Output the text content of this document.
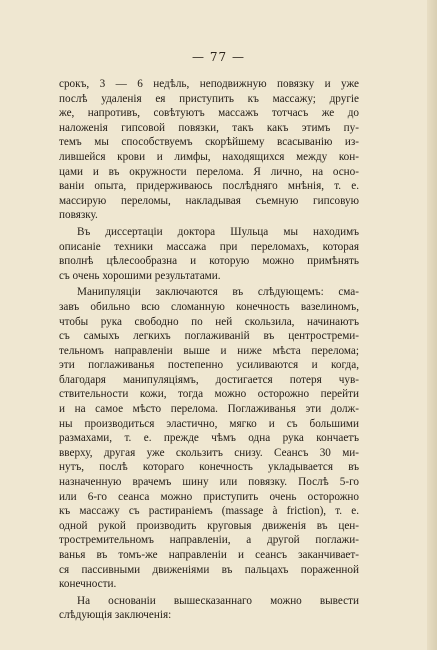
— 77 —
срокъ, 3 — 6 недѣль, неподвижную повязку и уже
послѣ удаленія ея приступить къ массажу; другіе
же, напротивъ, совѣтуютъ массажъ тотчасъ же до
наложенія гипсовой повязки, такъ какъ этимъ пу-
темъ мы способствуемъ скорѣйшему всасыванію из-
лившейся крови и лимфы, находящихся между кон-
цами и въ окружности перелома. Я лично, на осно-
ваніи опыта, придерживаюсь послѣдняго мнѣнія, т. е.
массирую переломы, накладывая съемную гипсовую
повязку.
Въ диссертаціи доктора Шульца мы находимъ
описаніе техники массажа при переломахъ, которая
вполнѣ цѣлесообразна и которую можно примѣнять
съ очень хорошими результатами.
Манипуляціи заключаются въ слѣдующемъ: сма-
завъ обильно всю сломанную конечность вазелиномъ,
чтобы рука свободно по ней скользила, начинаютъ
съ самыхъ легкихъ поглаживаній въ центростреми-
тельномъ направленіи выше и ниже мѣста перелома;
эти поглаживанья постепенно усиливаются и когда,
благодаря манипуляціямъ, достигается потеря чув-
ствительности кожи, тогда можно осторожно перейти
и на самое мѣсто перелома. Поглаживанья эти долж-
ны производиться эластично, мягко и съ большими
размахами, т. е. прежде чѣмъ одна рука кончаетъ
вверху, другая уже скользитъ снизу. Сеансъ 30 ми-
нутъ, послѣ котораго конечность укладывается въ
назначенную врачемъ шину или повязку. Послѣ 5-го
или 6-го сеанса можно приступить очень осторожно
къ массажу съ растираніемъ (massage à friction), т. е.
одной рукой производить круговыя движенія въ цен-
тростремительномъ направленіи, а другой поглажи-
ванья въ томъ-же направленіи и сеансъ заканчивает-
ся пассивными движеніями въ пальцахъ пораженной
конечности.
На основаніи вышесказаннаго можно вывести
слѣдующія заключенія:
